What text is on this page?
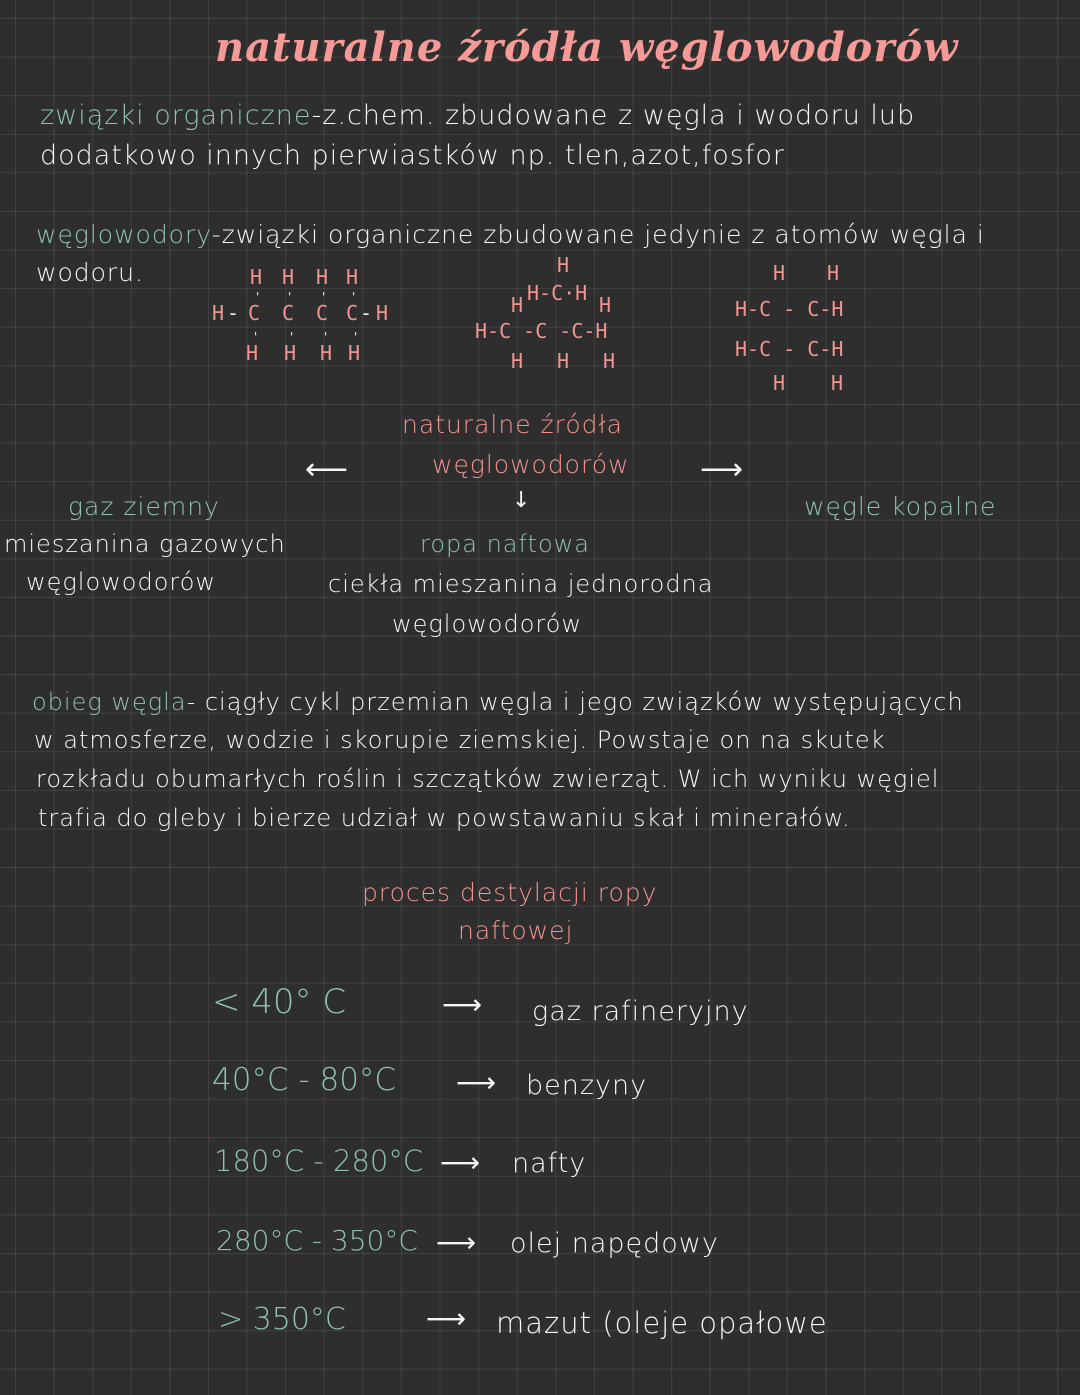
naturalne źródła węglowodorów
związki organiczne-z.chem. zbudowane z węgla i wodoru lub
dodatkowo innych pierwiastków np. tlen,azot,fosfor
węglowodory-związki organiczne zbudowane jedynie z atomów węgla i
wodoru.	H H H H
H - C C C C - H
H H H H
' ' ' '
' ' ' '
H
H-C·H
H	H
H-C -C -C-H
H H H
H H
H-C - C-H
H-C - C-H
H H
naturalne źródła
węglowodorów
⟵
↓
⟶
gaz ziemny
mieszanina gazowych
węglowodorów
ropa naftowa
ciekła mieszanina jednorodna
węglowodorów
węgle kopalne
obieg węgla- ciągły cykl przemian węgla i jego związków występujących
w atmosferze, wodzie i skorupie ziemskiej. Powstaje on na skutek
rozkładu obumarłych roślin i szczątków zwierząt. W ich wyniku węgiel
trafia do gleby i bierze udział w powstawaniu skał i minerałów.
proces destylacji ropy
naftowej
< 40° C	⟶ gaz rafineryjny
40°C - 80°C ⟶ benzyny
180°C - 280°C ⟶ nafty
280°C - 350°C ⟶ olej napędowy
> 350°C	⟶ mazut (oleje opałowe
